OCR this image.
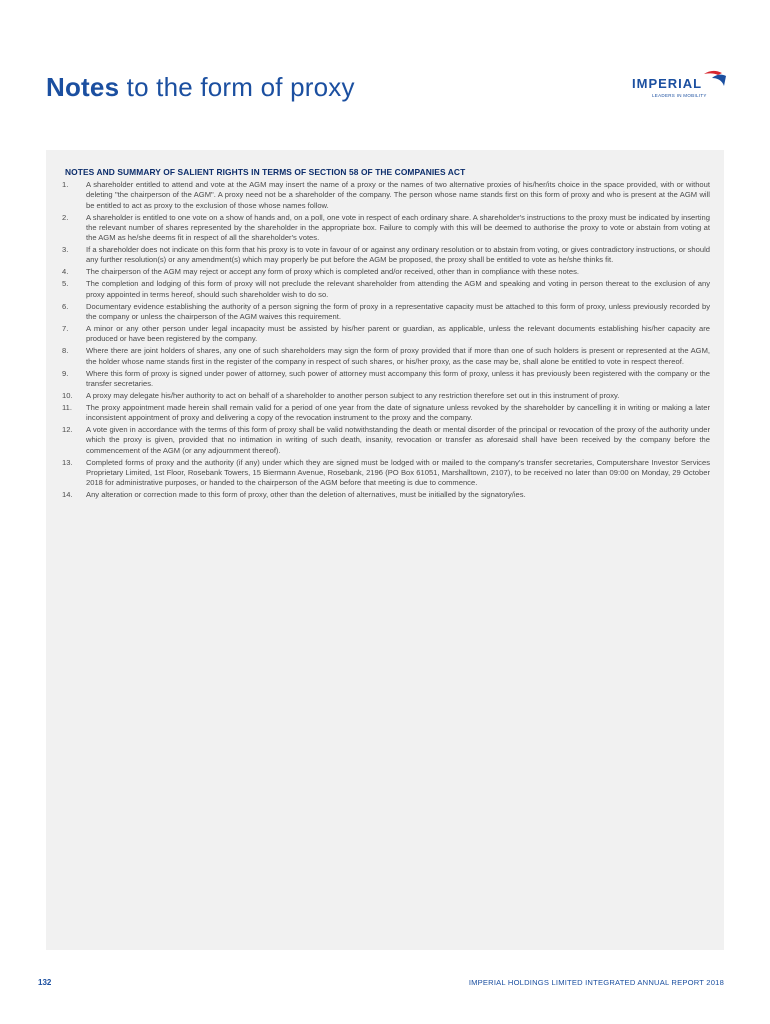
Notes to the form of proxy	IMPERIAL
LEADERS IN MOBILITY
NOTES AND SUMMARY OF SALIENT RIGHTS IN TERMS OF SECTION 58 OF THE COMPANIES ACT
1.	A shareholder entitled to attend and vote at the AGM may insert the name of a proxy or the names of two alternative proxies of his/her/its choice in the space provided, with or without deleting "the chairperson of the AGM". A proxy need not be a shareholder of the company. The person whose name stands first on this form of proxy and who is present at the AGM will be entitled to act as proxy to the exclusion of those whose names follow.
2.	A shareholder is entitled to one vote on a show of hands and, on a poll, one vote in respect of each ordinary share. A shareholder's instructions to the proxy must be indicated by inserting the relevant number of shares represented by the shareholder in the appropriate box. Failure to comply with this will be deemed to authorise the proxy to vote or abstain from voting at the AGM as he/she deems fit in respect of all the shareholder's votes.
3.	If a shareholder does not indicate on this form that his proxy is to vote in favour of or against any ordinary resolution or to abstain from voting, or gives contradictory instructions, or should any further resolution(s) or any amendment(s) which may properly be put before the AGM be proposed, the proxy shall be entitled to vote as he/she thinks fit.
4.	The chairperson of the AGM may reject or accept any form of proxy which is completed and/or received, other than in compliance with these notes.
5.	The completion and lodging of this form of proxy will not preclude the relevant shareholder from attending the AGM and speaking and voting in person thereat to the exclusion of any proxy appointed in terms hereof, should such shareholder wish to do so.
6.	Documentary evidence establishing the authority of a person signing the form of proxy in a representative capacity must be attached to this form of proxy, unless previously recorded by the company or unless the chairperson of the AGM waives this requirement.
7.	A minor or any other person under legal incapacity must be assisted by his/her parent or guardian, as applicable, unless the relevant documents establishing his/her capacity are produced or have been registered by the company.
8.	Where there are joint holders of shares, any one of such shareholders may sign the form of proxy provided that if more than one of such holders is present or represented at the AGM, the holder whose name stands first in the register of the company in respect of such shares, or his/her proxy, as the case may be, shall alone be entitled to vote in respect thereof.
9.	Where this form of proxy is signed under power of attorney, such power of attorney must accompany this form of proxy, unless it has previously been registered with the company or the transfer secretaries.
10.	A proxy may delegate his/her authority to act on behalf of a shareholder to another person subject to any restriction therefore set out in this instrument of proxy.
11.	The proxy appointment made herein shall remain valid for a period of one year from the date of signature unless revoked by the shareholder by cancelling it in writing or making a later inconsistent appointment of proxy and delivering a copy of the revocation instrument to the proxy and the company.
12.	A vote given in accordance with the terms of this form of proxy shall be valid notwithstanding the death or mental disorder of the principal or revocation of the proxy of the authority under which the proxy is given, provided that no intimation in writing of such death, insanity, revocation or transfer as aforesaid shall have been received by the company before the commencement of the AGM (or any adjournment thereof).
13.	Completed forms of proxy and the authority (if any) under which they are signed must be lodged with or mailed to the company's transfer secretaries, Computershare Investor Services Proprietary Limited, 1st Floor, Rosebank Towers, 15 Biermann Avenue, Rosebank, 2196 (PO Box 61051, Marshalltown, 2107), to be received no later than 09:00 on Monday, 29 October 2018 for administrative purposes, or handed to the chairperson of the AGM before that meeting is due to commence.
14.	Any alteration or correction made to this form of proxy, other than the deletion of alternatives, must be initialled by the signatory/ies.
132	IMPERIAL HOLDINGS LIMITED INTEGRATED ANNUAL REPORT 2018
